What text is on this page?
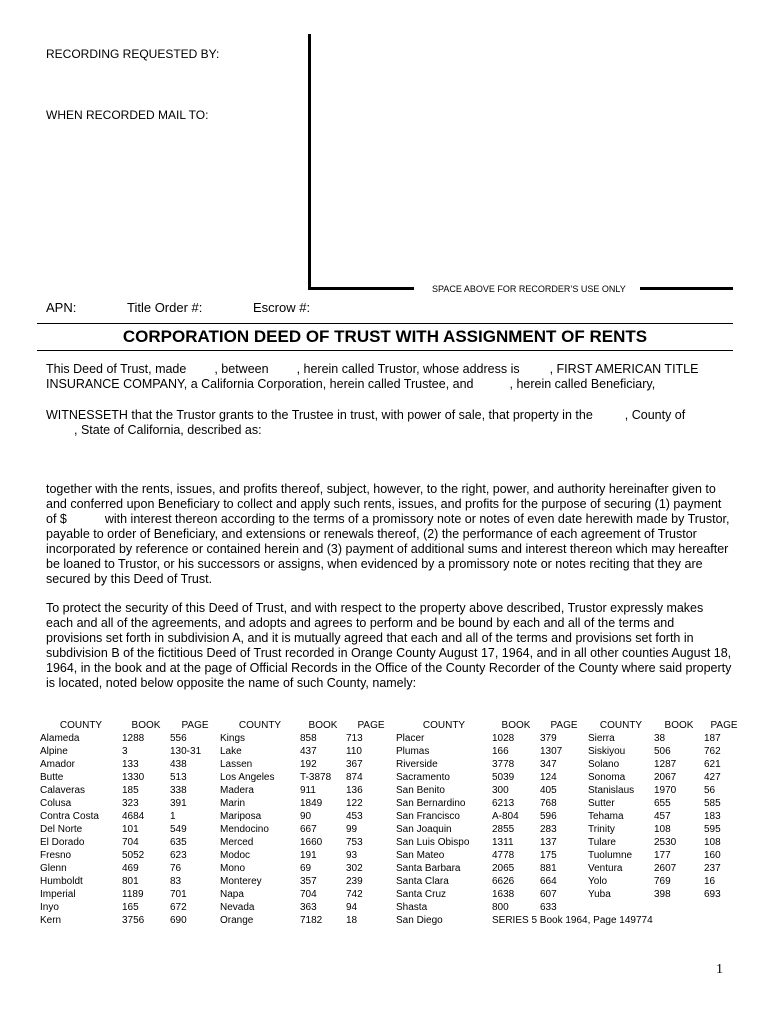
RECORDING REQUESTED BY:
WHEN RECORDED MAIL TO:
SPACE ABOVE FOR RECORDER’S USE ONLY
APN:	Title Order #:	Escrow #:
CORPORATION DEED OF TRUST WITH ASSIGNMENT OF RENTS
This Deed of Trust, made , between , herein called Trustor, whose address is , FIRST AMERICAN TITLE INSURANCE COMPANY, a California Corporation, herein called Trustee, and	, herein called Beneficiary,
WITNESSETH that the Trustor grants to the Trustee in trust, with power of sale, that property in the	, County of
, State of California, described as:
together with the rents, issues, and profits thereof, subject, however, to the right, power, and authority hereinafter given to and conferred upon Beneficiary to collect and apply such rents, issues, and profits for the purpose of securing (1) payment of $	with interest thereon according to the terms of a promissory note or notes of even date herewith made by Trustor, payable to order of Beneficiary, and extensions or renewals thereof, (2) the performance of each agreement of Trustor incorporated by reference or contained herein and (3) payment of additional sums and interest thereon which may hereafter be loaned to Trustor, or his successors or assigns, when evidenced by a promissory note or notes reciting that they are secured by this Deed of Trust.
To protect the security of this Deed of Trust, and with respect to the property above described, Trustor expressly makes each and all of the agreements, and adopts and agrees to perform and be bound by each and all of the terms and provisions set forth in subdivision A, and it is mutually agreed that each and all of the terms and provisions set forth in subdivision B of the fictitious Deed of Trust recorded in Orange County August 17, 1964, and in all other counties August 18, 1964, in the book and at the page of Official Records in the Office of the County Recorder of the County where said property is located, noted below opposite the name of such County, namely:
COUNTY	BOOK	PAGE	COUNTY	BOOK	PAGE	COUNTY	BOOK	PAGE	COUNTY	BOOK	PAGE
Alameda	1288	556	Kings	858	713	Placer	1028	379	Sierra	38	187
Alpine	3	130-31	Lake	437	110	Plumas	166	1307	Siskiyou	506	762
Amador	133	438	Lassen	192	367	Riverside	3778	347	Solano	1287	621
Butte	1330	513	Los Angeles	T-3878	874	Sacramento	5039	124	Sonoma	2067	427
Calaveras	185	338	Madera	911	136	San Benito	300	405	Stanislaus	1970	56
Colusa	323	391	Marin	1849	122	San Bernardino	6213	768	Sutter	655	585
Contra Costa	4684	1	Mariposa	90	453	San Francisco	A-804	596	Tehama	457	183
Del Norte	101	549	Mendocino	667	99	San Joaquin	2855	283	Trinity	108	595
El Dorado	704	635	Merced	1660	753	San Luis Obispo	1311	137	Tulare	2530	108
Fresno	5052	623	Modoc	191	93	San Mateo	4778	175	Tuolumne	177	160
Glenn	469	76	Mono	69	302	Santa Barbara	2065	881	Ventura	2607	237
Humboldt	801	83	Monterey	357	239	Santa Clara	6626	664	Yolo	769	16
Imperial	1189	701	Napa	704	742	Santa Cruz	1638	607	Yuba	398	693
Inyo	165	672	Nevada	363	94	Shasta	800	633			
Kern	3756	690	Orange	7182	18	San Diego	SERIES 5 Book 1964, Page 149774				
1
